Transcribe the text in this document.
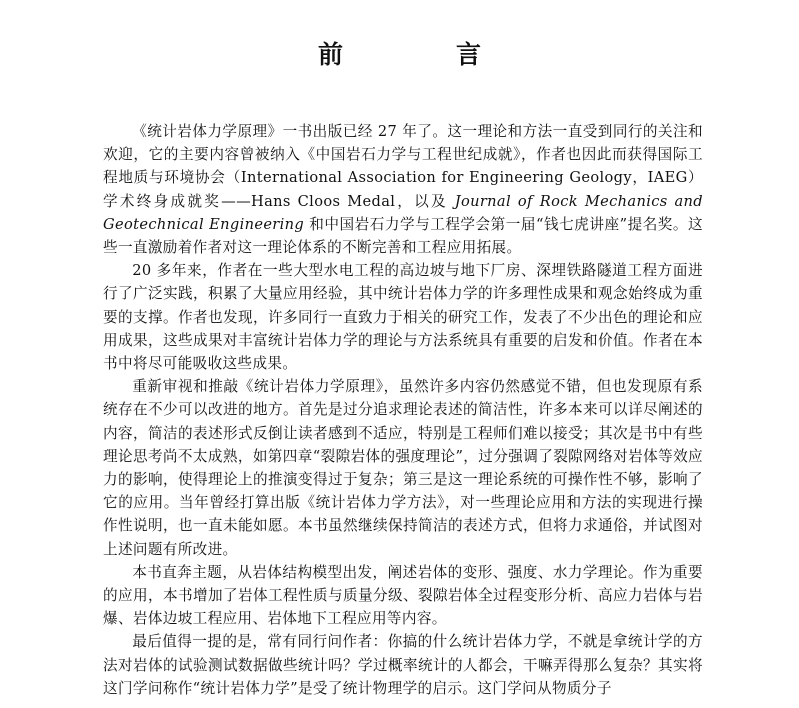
前　言

《统计岩体力学原理》一书出版已经 27 年了。这一理论和方法一直受到同行的关注和欢迎，它的主要内容曾被纳入《中国岩石力学与工程世纪成就》，作者也因此而获得国际工程地质与环境协会（International Association for Engineering Geology，IAEG）学术终身成就奖——Hans Cloos Medal，以及 Journal of Rock Mechanics and Geotechnical Engineering 和中国岩石力学与工程学会第一届“钱七虎讲座”提名奖。这些一直激励着作者对这一理论体系的不断完善和工程应用拓展。

20 多年来，作者在一些大型水电工程的高边坡与地下厂房、深埋铁路隧道工程方面进行了广泛实践，积累了大量应用经验，其中统计岩体力学的许多理性成果和观念始终成为重要的支撑。作者也发现，许多同行一直致力于相关的研究工作，发表了不少出色的理论和应用成果，这些成果对丰富统计岩体力学的理论与方法系统具有重要的启发和价值。作者在本书中将尽可能吸收这些成果。

重新审视和推敲《统计岩体力学原理》，虽然许多内容仍然感觉不错，但也发现原有系统存在不少可以改进的地方。首先是过分追求理论表述的简洁性，许多本来可以详尽阐述的内容，简洁的表述形式反倒让读者感到不适应，特别是工程师们难以接受；其次是书中有些理论思考尚不太成熟，如第四章“裂隙岩体的强度理论”，过分强调了裂隙网络对岩体等效应力的影响，使得理论上的推演变得过于复杂；第三是这一理论系统的可操作性不够，影响了它的应用。当年曾经打算出版《统计岩体力学方法》，对一些理论应用和方法的实现进行操作性说明，也一直未能如愿。本书虽然继续保持简洁的表述方式，但将力求通俗，并试图对上述问题有所改进。

本书直奔主题，从岩体结构模型出发，阐述岩体的变形、强度、水力学理论。作为重要的应用，本书增加了岩体工程性质与质量分级、裂隙岩体全过程变形分析、高应力岩体与岩爆、岩体边坡工程应用、岩体地下工程应用等内容。

最后值得一提的是，常有同行问作者：你搞的什么统计岩体力学，不就是拿统计学的方法对岩体的试验测试数据做些统计吗？学过概率统计的人都会，干嘛弄得那么复杂？其实将这门学问称作“统计岩体力学”是受了统计物理学的启示。这门学问从物质分子
